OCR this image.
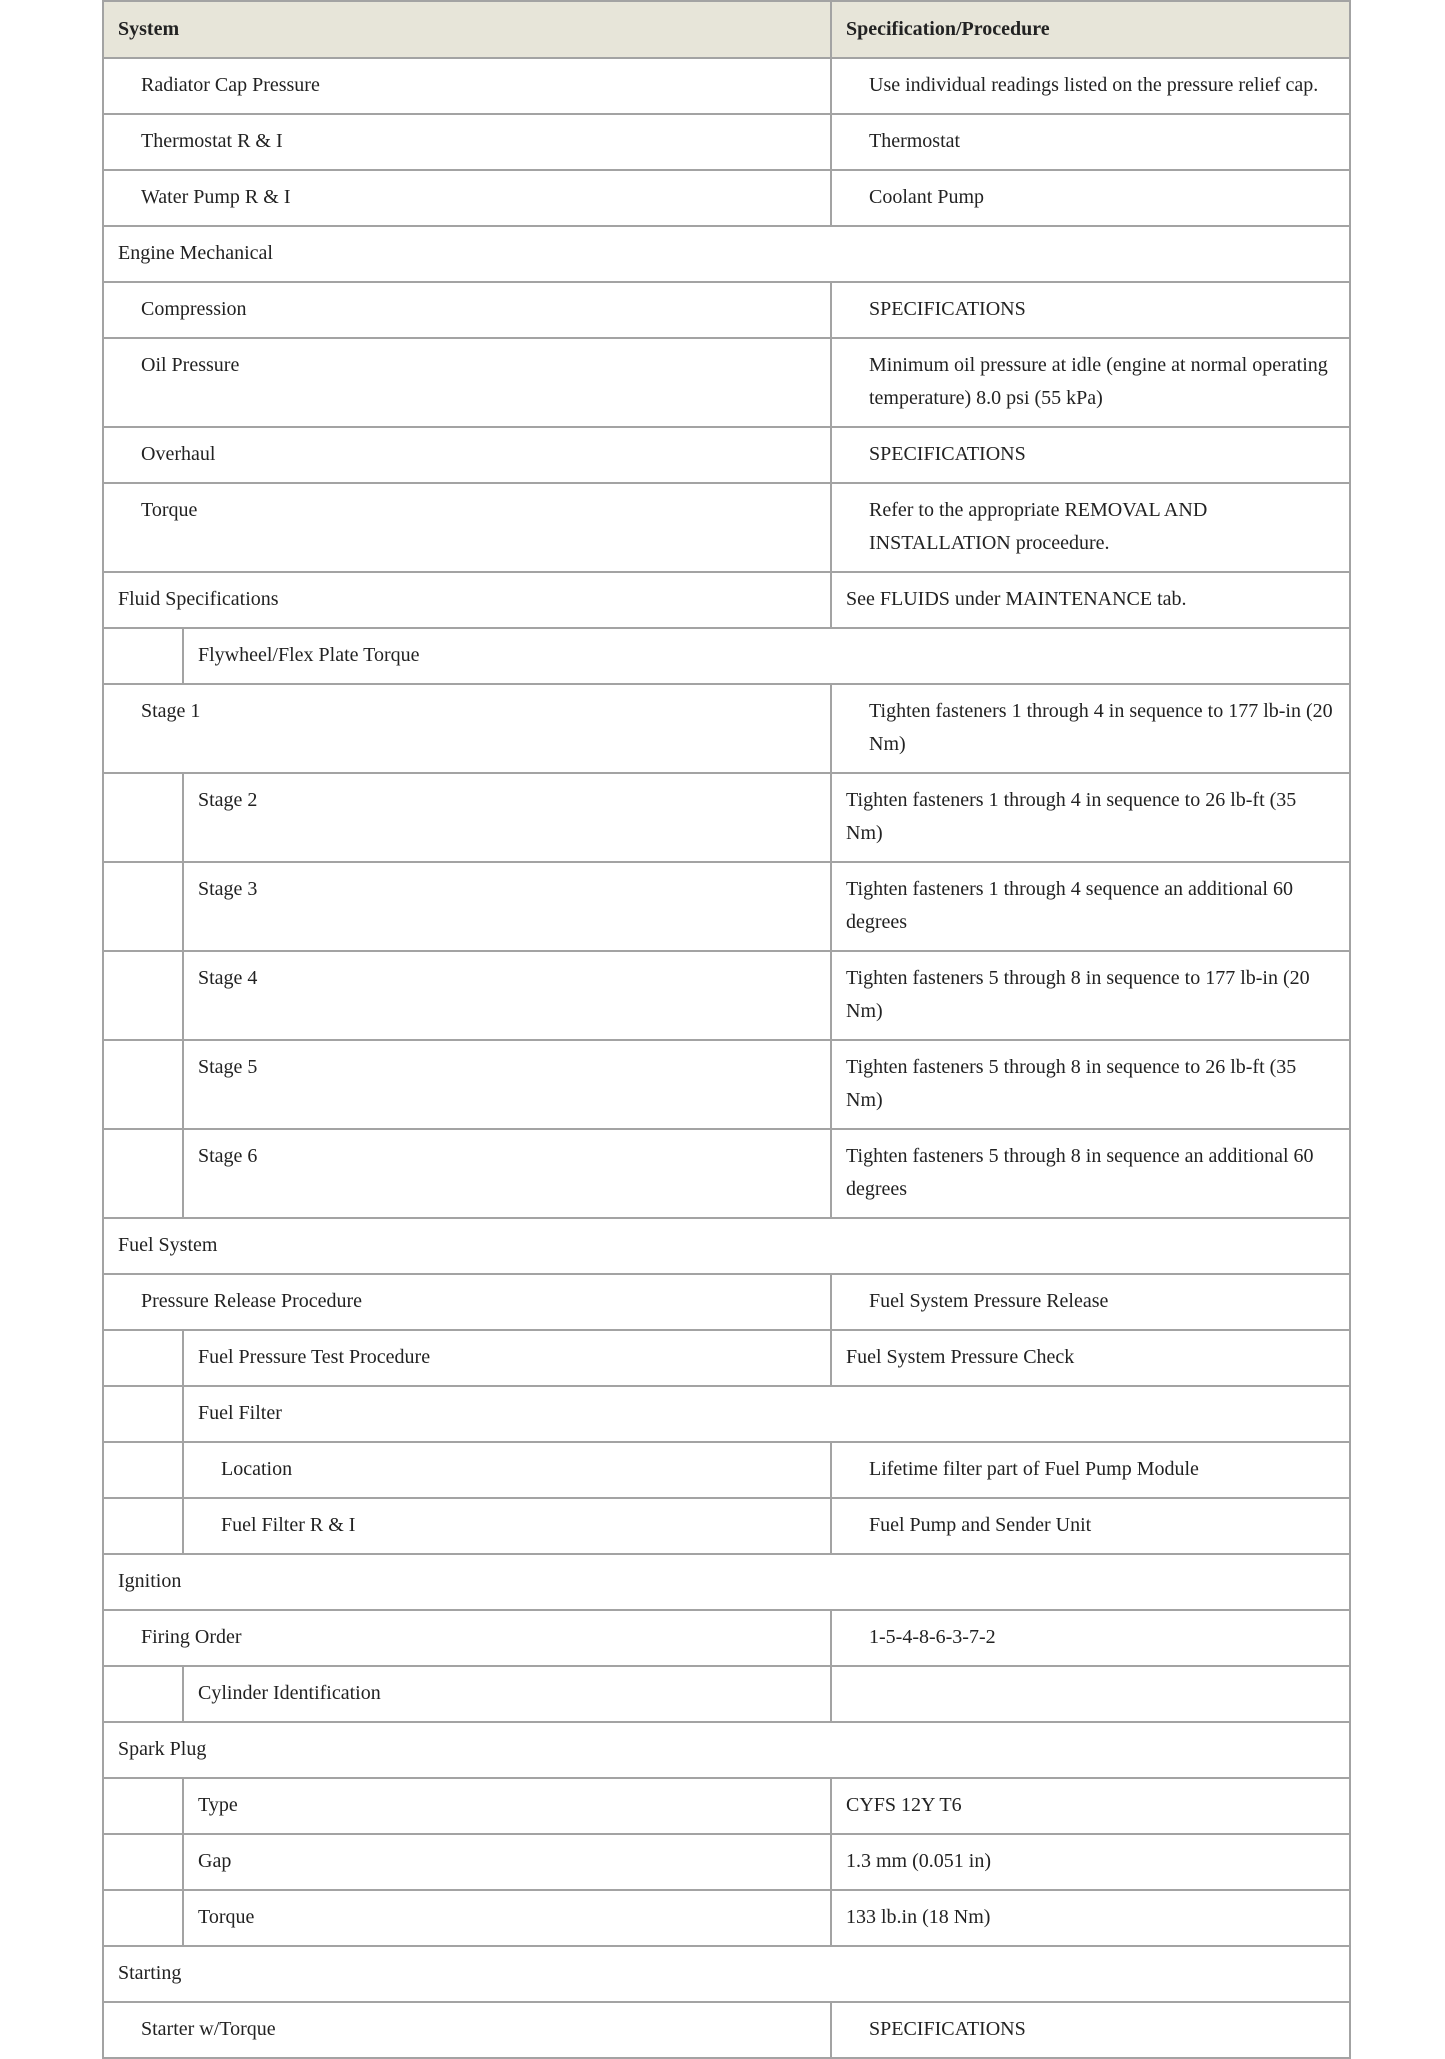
System		Specification/Procedure
Radiator Cap Pressure		Use individual readings listed on the pressure relief cap.
Thermostat R & I		Thermostat
Water Pump R & I		Coolant Pump
Engine Mechanical		
Compression		SPECIFICATIONS
Oil Pressure		Minimum oil pressure at idle (engine at normal operating temperature) 8.0 psi (55 kPa)
Overhaul		SPECIFICATIONS
Torque		Refer to the appropriate REMOVAL AND INSTALLATION proceedure.
Fluid Specifications		See FLUIDS under MAINTENANCE tab.
	Flywheel/Flex Plate Torque	
Stage 1		Tighten fasteners 1 through 4 in sequence to 177 lb-in (20 Nm)
	Stage 2	Tighten fasteners 1 through 4 in sequence to 26 lb-ft (35 Nm)
	Stage 3	Tighten fasteners 1 through 4 sequence an additional 60 degrees
	Stage 4	Tighten fasteners 5 through 8 in sequence to 177 lb-in (20 Nm)
	Stage 5	Tighten fasteners 5 through 8 in sequence to 26 lb-ft (35 Nm)
	Stage 6	Tighten fasteners 5 through 8 in sequence an additional 60 degrees
Fuel System		
Pressure Release Procedure		Fuel System Pressure Release
	Fuel Pressure Test Procedure	Fuel System Pressure Check
	Fuel Filter	
	Location	Lifetime filter part of Fuel Pump Module
	Fuel Filter R & I	Fuel Pump and Sender Unit
Ignition		
Firing Order		1-5-4-8-6-3-7-2
	Cylinder Identification	
Spark Plug		
	Type	CYFS 12Y T6
	Gap	1.3 mm (0.051 in)
	Torque	133 lb.in (18 Nm)
Starting		
Starter w/Torque		SPECIFICATIONS
